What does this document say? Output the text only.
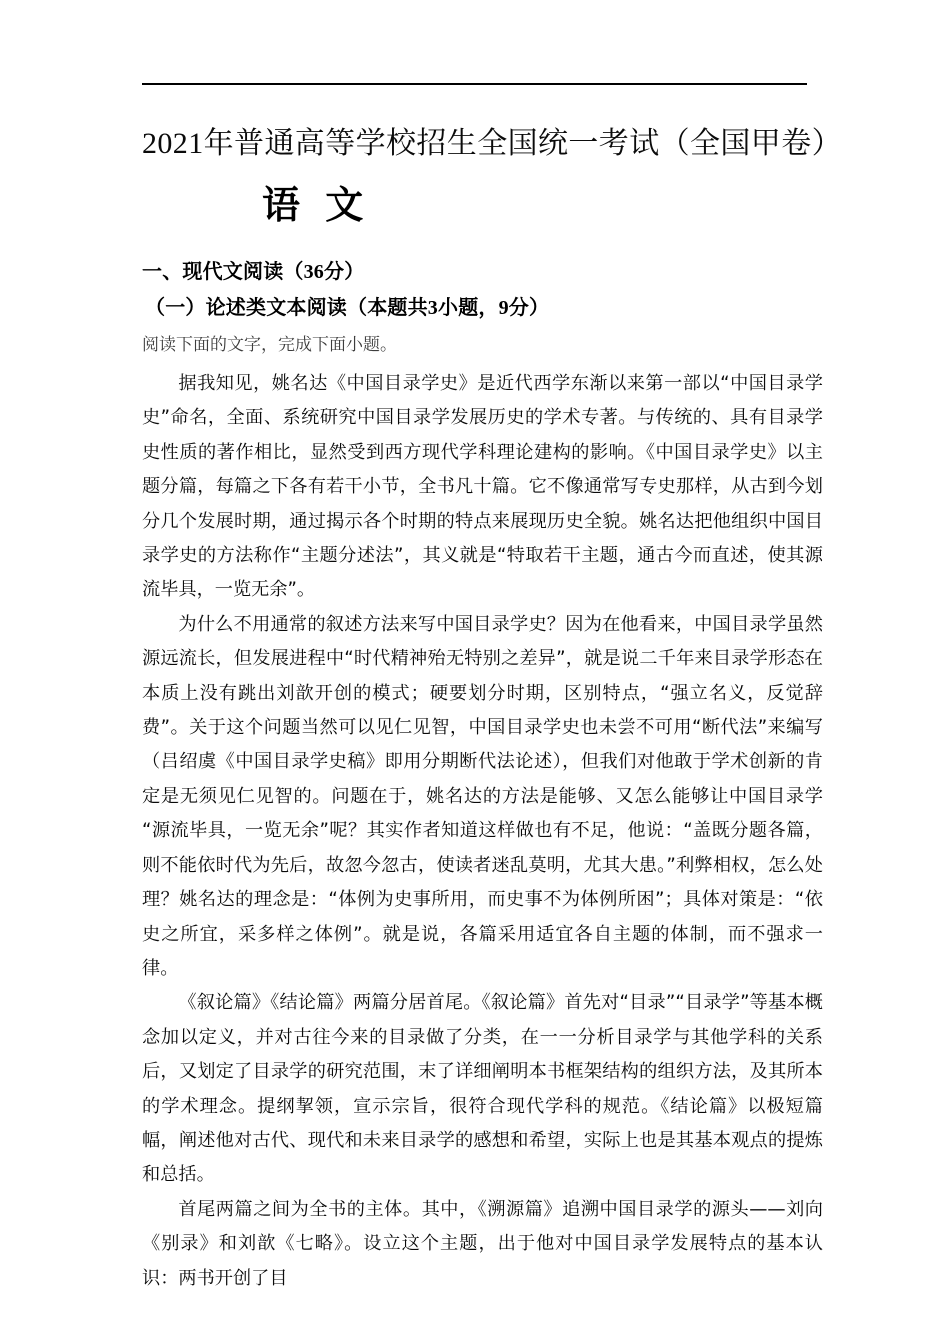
2021年普通高等学校招生全国统一考试（全国甲卷）
语 文
一、现代文阅读（36分）
（一）论述类文本阅读（本题共3小题，9分）
阅读下面的文字，完成下面小题。

据我知见，姚名达《中国目录学史》是近代西学东渐以来第一部以“中国目录学史”命名，全面、系统研究中国目录学发展历史的学术专著。与传统的、具有目录学史性质的著作相比，显然受到西方现代学科理论建构的影响。《中国目录学史》以主题分篇，每篇之下各有若干小节，全书凡十篇。它不像通常写专史那样，从古到今划分几个发展时期，通过揭示各个时期的特点来展现历史全貌。姚名达把他组织中国目录学史的方法称作“主题分述法”，其义就是“特取若干主题，通古今而直述，使其源流毕具，一览无余”。

为什么不用通常的叙述方法来写中国目录学史？因为在他看来，中国目录学虽然源远流长，但发展进程中“时代精神殆无特别之差异”，就是说二千年来目录学形态在本质上没有跳出刘歆开创的模式；硬要划分时期，区别特点，“强立名义，反觉辞费”。关于这个问题当然可以见仁见智，中国目录学史也未尝不可用“断代法”来编写（吕绍虞《中国目录学史稿》即用分期断代法论述），但我们对他敢于学术创新的肯定是无须见仁见智的。问题在于，姚名达的方法是能够、又怎么能够让中国目录学“源流毕具，一览无余”呢？其实作者知道这样做也有不足，他说：“盖既分题各篇，则不能依时代为先后，故忽今忽古，使读者迷乱莫明，尤其大患。”利弊相权，怎么处理？姚名达的理念是：“体例为史事所用，而史事不为体例所困”；具体对策是：“依史之所宜，采多样之体例”。就是说，各篇采用适宜各自主题的体制，而不强求一律。

《叙论篇》《结论篇》两篇分居首尾。《叙论篇》首先对“目录”“目录学”等基本概念加以定义，并对古往今来的目录做了分类，在一一分析目录学与其他学科的关系后，又划定了目录学的研究范围，末了详细阐明本书框架结构的组织方法，及其所本的学术理念。提纲挈领，宣示宗旨，很符合现代学科的规范。《结论篇》以极短篇幅，阐述他对古代、现代和未来目录学的感想和希望，实际上也是其基本观点的提炼和总括。

首尾两篇之间为全书的主体。其中，《溯源篇》追溯中国目录学的源头——刘向《别录》和刘歆《七略》。设立这个主题，出于他对中国目录学发展特点的基本认识：两书开创了目
